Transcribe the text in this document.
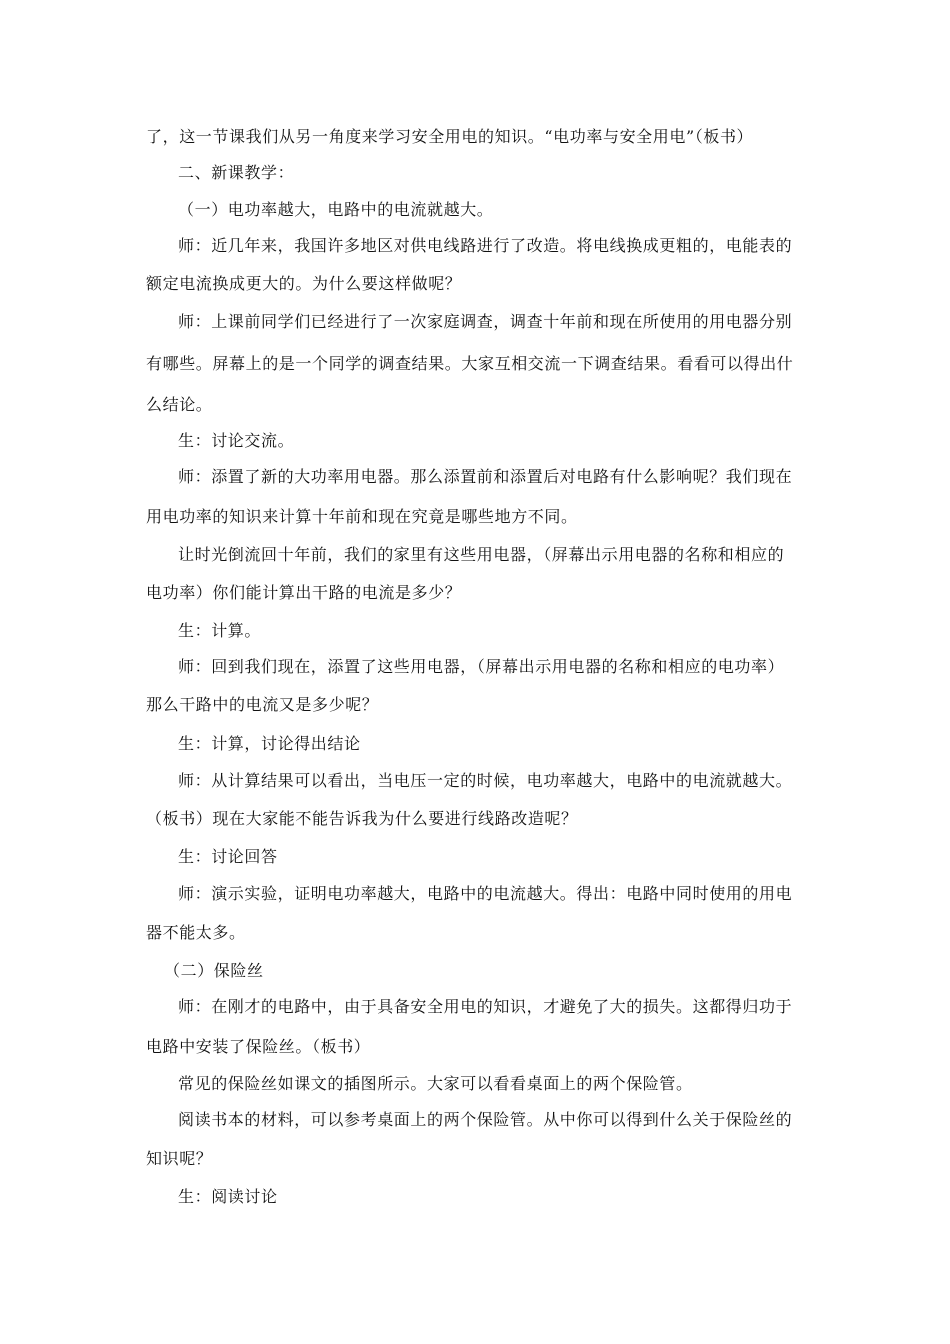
了，这一节课我们从另一角度来学习安全用电的知识。“电功率与安全用电”（板书）
二、新课教学：
（一）电功率越大，电路中的电流就越大。
师：近几年来，我国许多地区对供电线路进行了改造。将电线换成更粗的，电能表的
额定电流换成更大的。为什么要这样做呢？
师：上课前同学们已经进行了一次家庭调查，调查十年前和现在所使用的用电器分别
有哪些。屏幕上的是一个同学的调查结果。大家互相交流一下调查结果。看看可以得出什
么结论。
生：讨论交流。
师：添置了新的大功率用电器。那么添置前和添置后对电路有什么影响呢？我们现在
用电功率的知识来计算十年前和现在究竟是哪些地方不同。
让时光倒流回十年前，我们的家里有这些用电器，（屏幕出示用电器的名称和相应的
电功率）你们能计算出干路的电流是多少？
生：计算。
师：回到我们现在，添置了这些用电器，（屏幕出示用电器的名称和相应的电功率）
那么干路中的电流又是多少呢？
生：计算，讨论得出结论
师：从计算结果可以看出，当电压一定的时候，电功率越大，电路中的电流就越大。
（板书）现在大家能不能告诉我为什么要进行线路改造呢？
生：讨论回答
师：演示实验，证明电功率越大，电路中的电流越大。得出：电路中同时使用的用电
器不能太多。
（二）保险丝
师：在刚才的电路中，由于具备安全用电的知识，才避免了大的损失。这都得归功于
电路中安装了保险丝。（板书）
常见的保险丝如课文的插图所示。大家可以看看桌面上的两个保险管。
阅读书本的材料，可以参考桌面上的两个保险管。从中你可以得到什么关于保险丝的
知识呢？
生：阅读讨论
